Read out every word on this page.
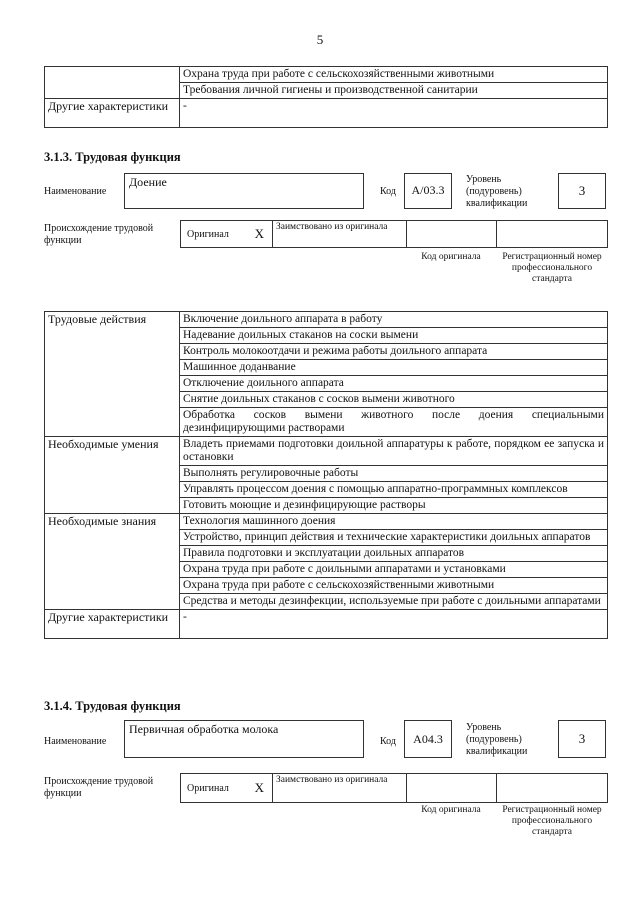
5
	Охрана труда при работе с сельскохозяйственными животными
	Требования личной гигиены и производственной санитарии
Другие характеристики	-
3.1.3. Трудовая функция
Наименование
Доение
Код	A/03.3
Уровень (подуровень) квалификации
3
Происхождение трудовой функции
Оригинал X	Заимствовано из оригинала
Код оригинала	Регистрационный номер профессионального стандарта
Трудовые действия	Включение доильного аппарата в работу
	Надевание доильных стаканов на соски вымени
	Контроль молокоотдачи и режима работы доильного аппарата
	Машинное доданвание
	Отключение доильного аппарата
	Снятие доильных стаканов с сосков вымени животного
	Обработка сосков вымени животного после доения специальными дезинфицирующими растворами
Необходимые умения	Владеть приемами подготовки доильной аппаратуры к работе, порядком ее запуска и остановки
	Выполнять регулировочные работы
	Управлять процессом доения с помощью аппаратно-программных комплексов
	Готовить моющие и дезинфицирующие растворы
Необходимые знания	Технология машинного доения
	Устройство, принцип действия и технические характеристики доильных аппаратов
	Правила подготовки и эксплуатации доильных аппаратов
	Охрана труда при работе с доильными аппаратами и установками
	Охрана труда при работе с сельскохозяйственными животными
	Средства и методы дезинфекции, используемые при работе с доильными аппаратами
Другие характеристики	-
3.1.4. Трудовая функция
Наименование
Первичная обработка молока
Код	A04.3
Уровень (подуровень) квалификации
3
Происхождение трудовой функции	Оригинал X	Заимствовано из оригинала
Код оригинала	Регистрационный номер профессионального стандарта
